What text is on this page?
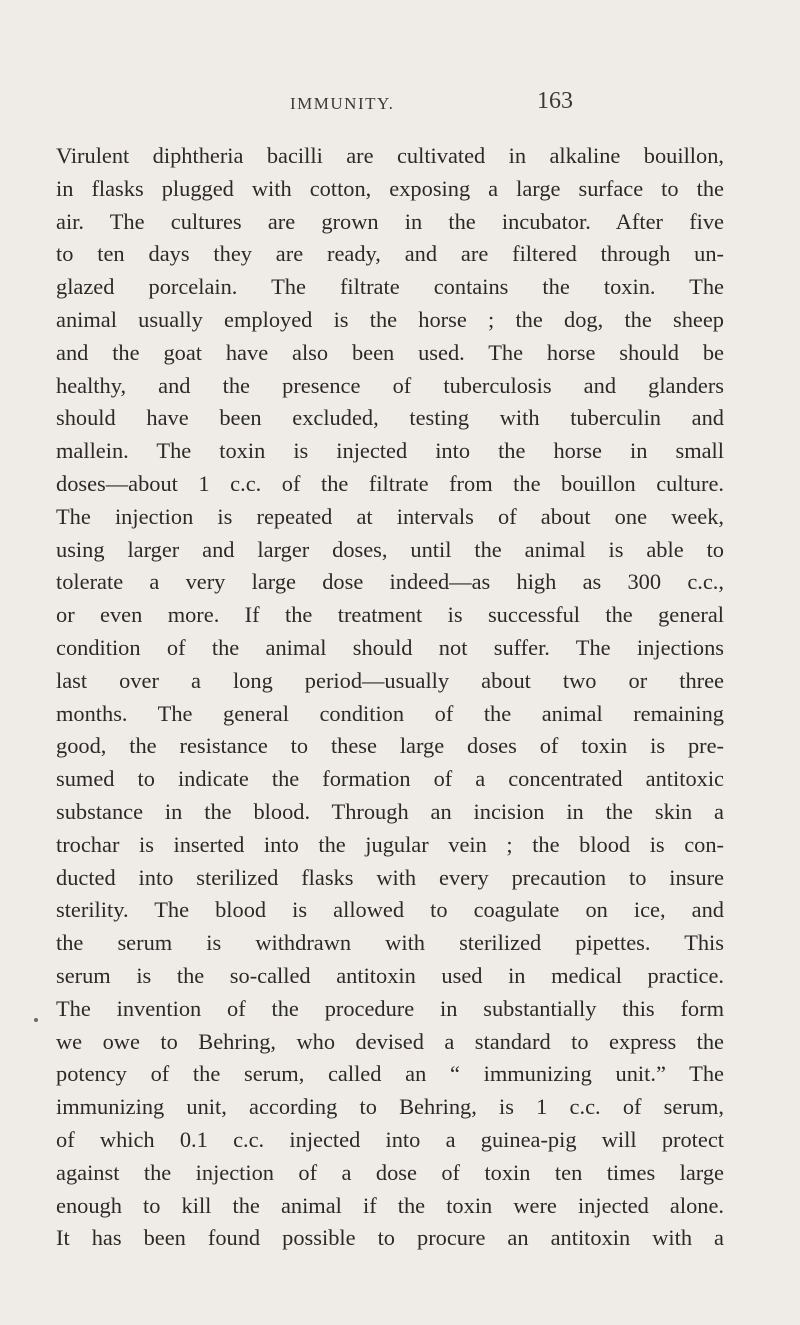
IMMUNITY.	163
Virulent diphtheria bacilli are cultivated in alkaline bouillon,
in flasks plugged with cotton, exposing a large surface to the
air. The cultures are grown in the incubator. After five
to ten days they are ready, and are filtered through un-
glazed porcelain. The filtrate contains the toxin. The
animal usually employed is the horse ; the dog, the sheep
and the goat have also been used. The horse should be
healthy, and the presence of tuberculosis and glanders
should have been excluded, testing with tuberculin and
mallein. The toxin is injected into the horse in small
doses—about 1 c.c. of the filtrate from the bouillon culture.
The injection is repeated at intervals of about one week,
using larger and larger doses, until the animal is able to
tolerate a very large dose indeed—as high as 300 c.c.,
or even more. If the treatment is successful the general
condition of the animal should not suffer. The injections
last over a long period—usually about two or three
months. The general condition of the animal remaining
good, the resistance to these large doses of toxin is pre-
sumed to indicate the formation of a concentrated antitoxic
substance in the blood. Through an incision in the skin a
trochar is inserted into the jugular vein ; the blood is con-
ducted into sterilized flasks with every precaution to insure
sterility. The blood is allowed to coagulate on ice, and
the serum is withdrawn with sterilized pipettes. This
serum is the so-called antitoxin used in medical practice.
The invention of the procedure in substantially this form
we owe to Behring, who devised a standard to express the
potency of the serum, called an “ immunizing unit.” The
immunizing unit, according to Behring, is 1 c.c. of serum,
of which 0.1 c.c. injected into a guinea-pig will protect
against the injection of a dose of toxin ten times large
enough to kill the animal if the toxin were injected alone.
It has been found possible to procure an antitoxin with a
